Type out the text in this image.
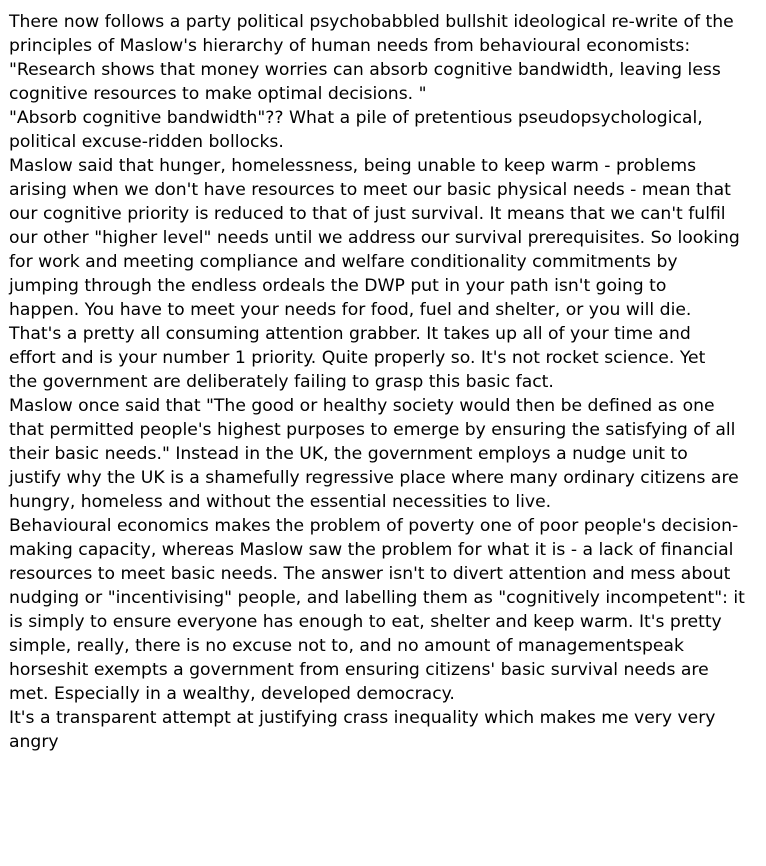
There now follows a party political psychobabbled bullshit ideological re-write of the
principles of Maslow's hierarchy of human needs from behavioural economists:
"Research shows that money worries can absorb cognitive bandwidth, leaving less
cognitive resources to make optimal decisions. "
"Absorb cognitive bandwidth"?? What a pile of pretentious pseudopsychological,
political excuse-ridden bollocks.
Maslow said that hunger, homelessness, being unable to keep warm - problems
arising when we don't have resources to meet our basic physical needs - mean that
our cognitive priority is reduced to that of just survival. It means that we can't fulfil
our other "higher level" needs until we address our survival prerequisites. So looking
for work and meeting compliance and welfare conditionality commitments by
jumping through the endless ordeals the DWP put in your path isn't going to
happen. You have to meet your needs for food, fuel and shelter, or you will die.
That's a pretty all consuming attention grabber. It takes up all of your time and
effort and is your number 1 priority. Quite properly so. It's not rocket science. Yet
the government are deliberately failing to grasp this basic fact.
Maslow once said that "The good or healthy society would then be defined as one
that permitted people's highest purposes to emerge by ensuring the satisfying of all
their basic needs." Instead in the UK, the government employs a nudge unit to
justify why the UK is a shamefully regressive place where many ordinary citizens are
hungry, homeless and without the essential necessities to live.
Behavioural economics makes the problem of poverty one of poor people's decision-
making capacity, whereas Maslow saw the problem for what it is - a lack of financial
resources to meet basic needs. The answer isn't to divert attention and mess about
nudging or "incentivising" people, and labelling them as "cognitively incompetent": it
is simply to ensure everyone has enough to eat, shelter and keep warm. It's pretty
simple, really, there is no excuse not to, and no amount of managementspeak
horseshit exempts a government from ensuring citizens' basic survival needs are
met. Especially in a wealthy, developed democracy.
It's a transparent attempt at justifying crass inequality which makes me very very
angry
